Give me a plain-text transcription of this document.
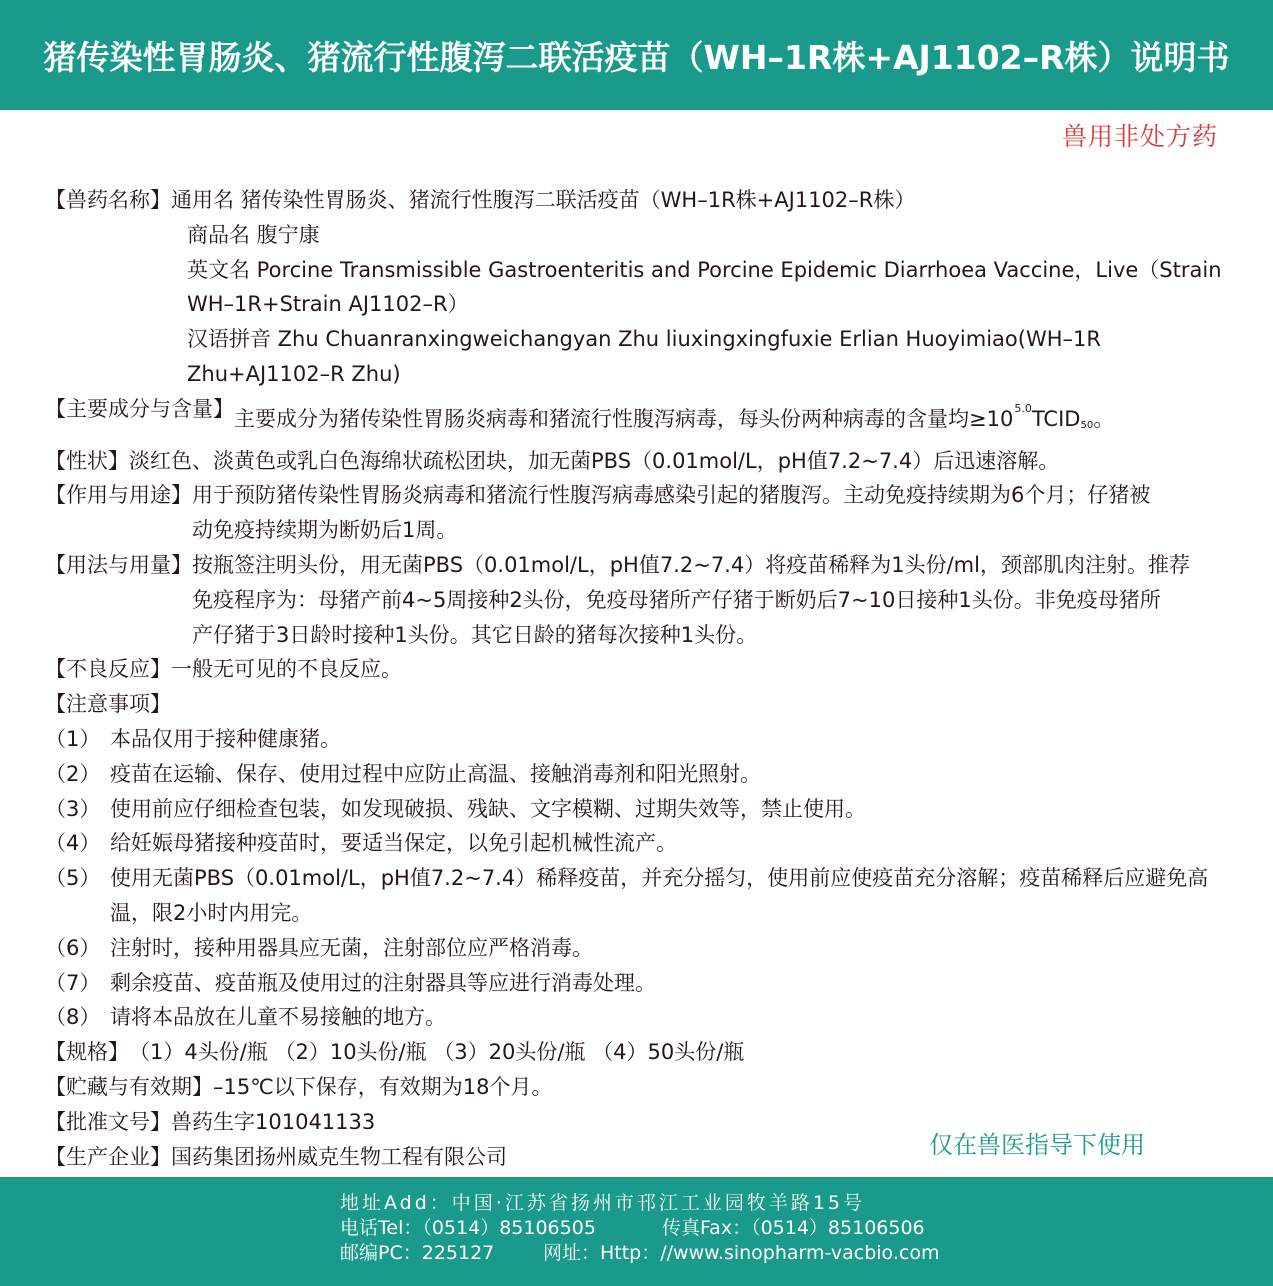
猪传染性胃肠炎、猪流行性腹泻二联活疫苗（WH–1R株+AJ1102–R株）说明书
兽用非处方药
【兽药名称】 通用名 猪传染性胃肠炎、猪流行性腹泻二联活疫苗（WH–1R株+AJ1102–R株）
商品名 腹宁康
英文名 Porcine Transmissible Gastroenteritis and Porcine Epidemic Diarrhoea Vaccine，Live（Strain WH–1R+Strain AJ1102–R）
汉语拼音 Zhu Chuanranxingweichangyan Zhu liuxingxingfuxie Erlian Huoyimiao(WH–1R Zhu+AJ1102–R Zhu)
【主要成分与含量】 主要成分为猪传染性胃肠炎病毒和猪流行性腹泻病毒，每头份两种病毒的含量均$\ge 10^{5.0}TCID_{50}$。
【性状】 淡红色、淡黄色或乳白色海绵状疏松团块，加无菌PBS（0.01mol/L，pH值7.2~7.4）后迅速溶解。
【作用与用途】 用于预防猪传染性胃肠炎病毒和猪流行性腹泻病毒感染引起的猪腹泻。主动免疫持续期为6个月；仔猪被
动免疫持续期为断奶后1周。
【用法与用量】 按瓶签注明头份，用无菌PBS（0.01mol/L，pH值7.2~7.4）将疫苗稀释为1头份/ml，颈部肌肉注射。推荐
免疫程序为：母猪产前4~5周接种2头份，免疫母猪所产仔猪于断奶后7~10日接种1头份。非免疫母猪所
产仔猪于3日龄时接种1头份。其它日龄的猪每次接种1头份。
【不良反应】 一般无可见的不良反应。
【注意事项】
（1） 本品仅用于接种健康猪。
（2） 疫苗在运输、保存、使用过程中应防止高温、接触消毒剂和阳光照射。
（3） 使用前应仔细检查包装，如发现破损、残缺、文字模糊、过期失效等，禁止使用。
（4） 给妊娠母猪接种疫苗时，要适当保定，以免引起机械性流产。
（5） 使用无菌PBS（0.01mol/L，pH值7.2~7.4）稀释疫苗，并充分摇匀，使用前应使疫苗充分溶解；疫苗稀释后应避免高温，限2小时内用完。
（6） 注射时，接种用器具应无菌，注射部位应严格消毒。
（7） 剩余疫苗、疫苗瓶及使用过的注射器具等应进行消毒处理。
（8） 请将本品放在儿童不易接触的地方。
【规格】 （1）4头份/瓶 （2）10头份/瓶 （3）20头份/瓶 （4）50头份/瓶
【贮藏与有效期】 –15℃以下保存，有效期为18个月。
【批准文号】 兽药生字101041133
【生产企业】 国药集团扬州威克生物工程有限公司	仅在兽医指导下使用
地址Add：中国·江苏省扬州市邗江工业园牧羊路15号
电话Tel：（0514）85106505	传真Fax：（0514）85106506
邮编PC：225127	网址：Http：//www.sinopharm-vacbio.com
